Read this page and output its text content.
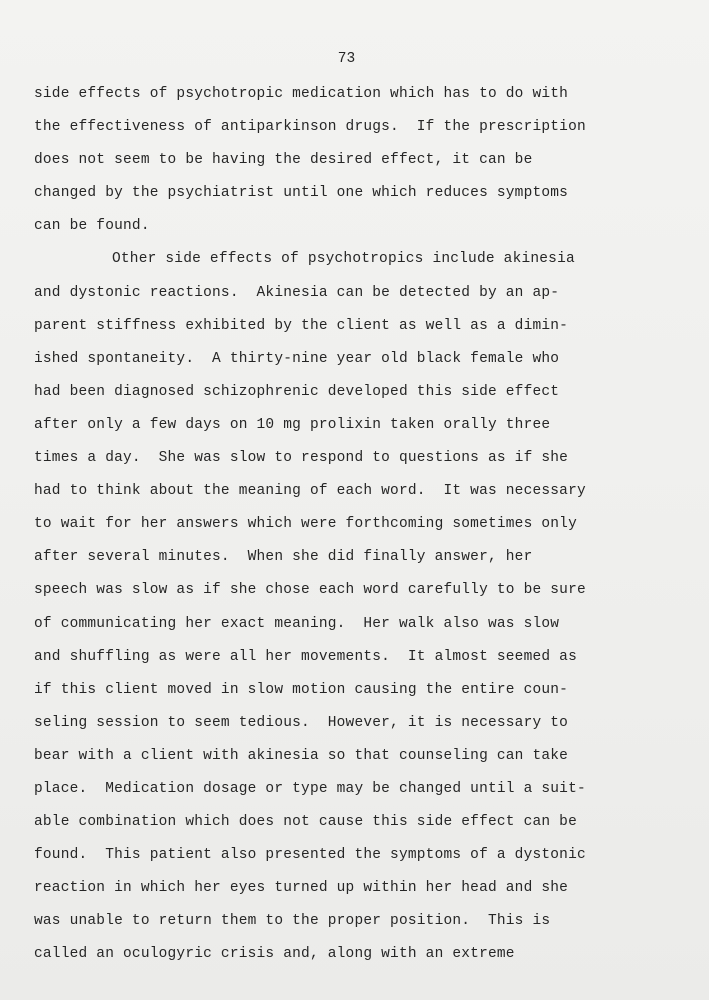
73
side effects of psychotropic medication which has to do with
the effectiveness of antiparkinson drugs.  If the prescription
does not seem to be having the desired effect, it can be
changed by the psychiatrist until one which reduces symptoms
can be found.
Other side effects of psychotropics include akinesia
and dystonic reactions.  Akinesia can be detected by an ap-
parent stiffness exhibited by the client as well as a dimin-
ished spontaneity.  A thirty-nine year old black female who
had been diagnosed schizophrenic developed this side effect
after only a few days on 10 mg prolixin taken orally three
times a day.  She was slow to respond to questions as if she
had to think about the meaning of each word.  It was necessary
to wait for her answers which were forthcoming sometimes only
after several minutes.  When she did finally answer, her
speech was slow as if she chose each word carefully to be sure
of communicating her exact meaning.  Her walk also was slow
and shuffling as were all her movements.  It almost seemed as
if this client moved in slow motion causing the entire coun-
seling session to seem tedious.  However, it is necessary to
bear with a client with akinesia so that counseling can take
place.  Medication dosage or type may be changed until a suit-
able combination which does not cause this side effect can be
found.  This patient also presented the symptoms of a dystonic
reaction in which her eyes turned up within her head and she
was unable to return them to the proper position.  This is
called an oculogyric crisis and, along with an extreme
